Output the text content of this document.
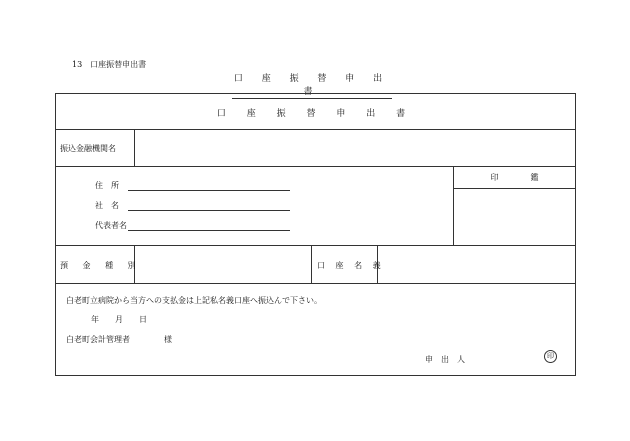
13　口座振替申出書
口 座 振 替 申 出 書
口 座 振 替 申 出 書
振込金融機関名
印　　　　鑑
住　所
社　名
代表者名
預 金 種 別	口 座 名 義
白老町立病院から当方への支払金は上記私名義口座へ振込んで下さい。
年　　月　　日
白老町会計管理者	様
申　出　人	印
